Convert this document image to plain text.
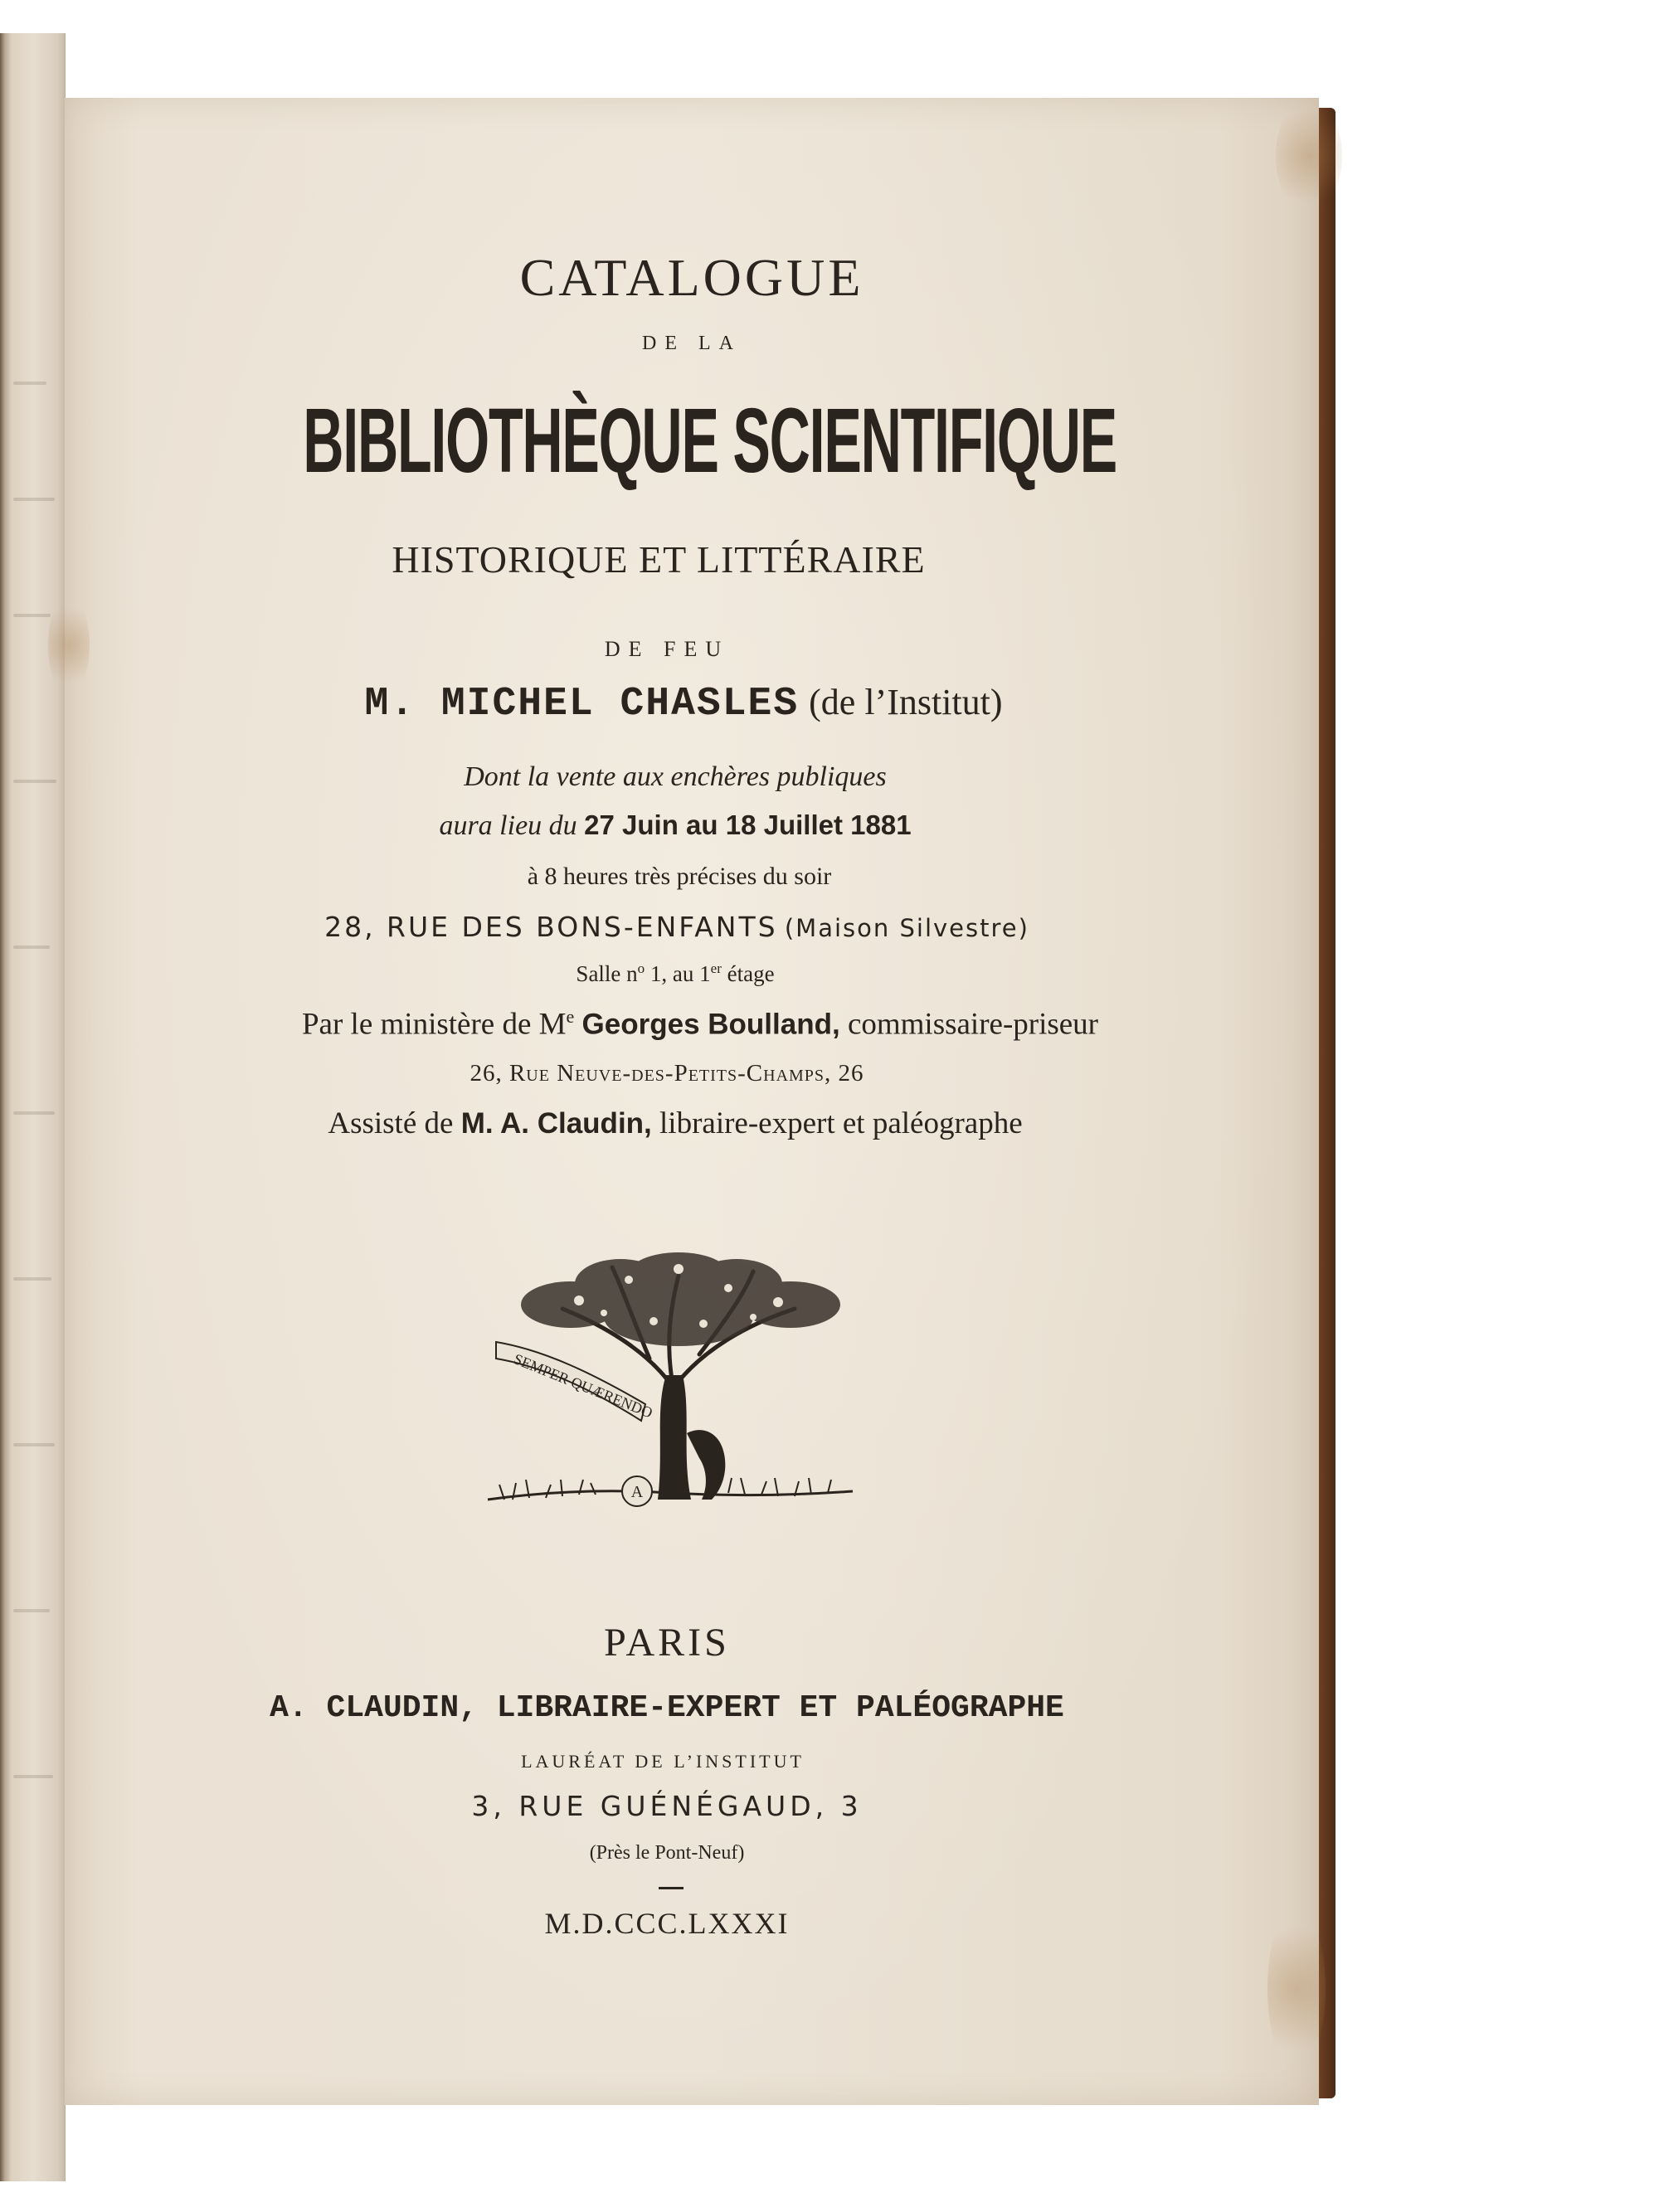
CATALOGUE
DE LA
BIBLIOTHÈQUE SCIENTIFIQUE
HISTORIQUE ET LITTÉRAIRE
DE FEU
M. MICHEL CHASLES (de l’Institut)
Dont la vente aux enchères publiques
aura lieu du 27 Juin au 18 Juillet 1881
à 8 heures très précises du soir
28, RUE DES BONS-ENFANTS (Maison Silvestre)
Salle $n^o$ 1, au 1er étage
Par le ministère de Me Georges Boulland, commissaire-priseur
26, Rue Neuve-des-Petits-Champs, 26
Assisté de M. A. Claudin, libraire-expert et paléographe
SEMPER QUÆRENDO
A
PARIS
A. CLAUDIN, LIBRAIRE-EXPERT ET PALÉOGRAPHE
LAURÉAT DE L’INSTITUT
3, RUE GUÉNÉGAUD, 3
(Près le Pont-Neuf)
M.D.CCC.LXXXI
